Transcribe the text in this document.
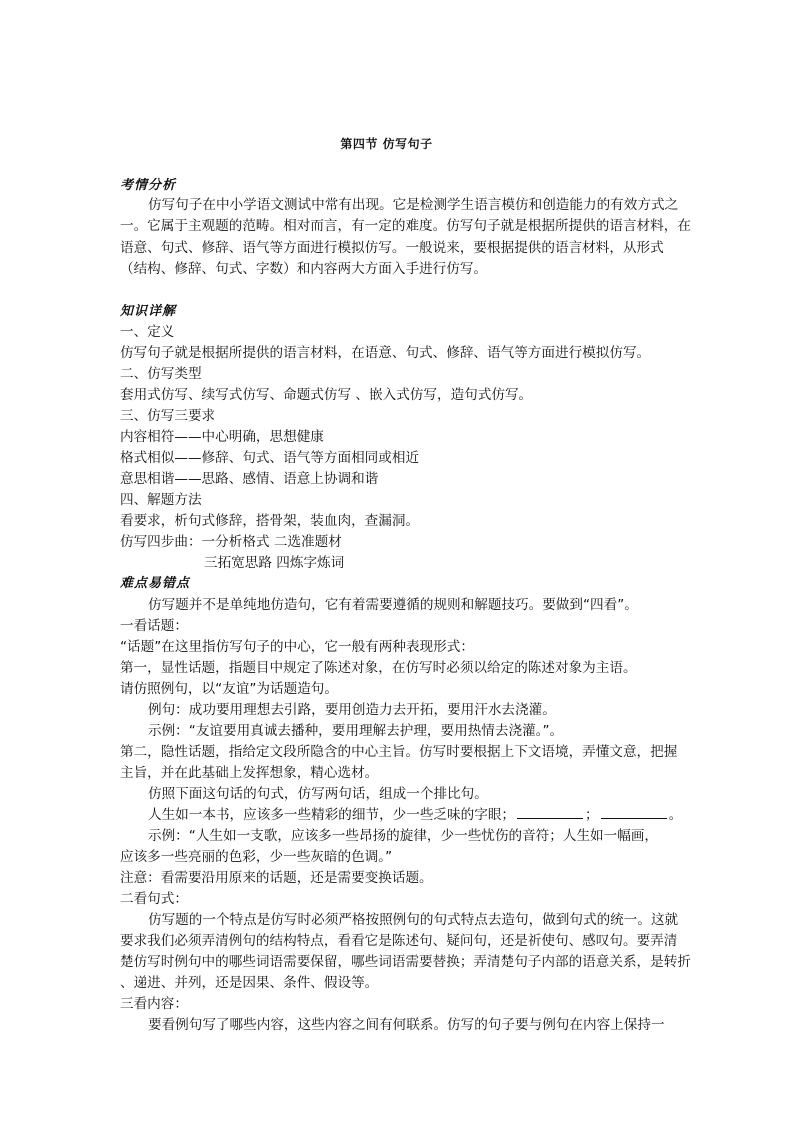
第四节 仿写句子
考情分析
仿写句子在中小学语文测试中常有出现。它是检测学生语言模仿和创造能力的有效方式之
一。它属于主观题的范畴。相对而言，有一定的难度。仿写句子就是根据所提供的语言材料，在
语意、句式、修辞、语气等方面进行模拟仿写。一般说来，要根据提供的语言材料，从形式
（结构、修辞、句式、字数）和内容两大方面入手进行仿写。
知识详解
一、定义
仿写句子就是根据所提供的语言材料，在语意、句式、修辞、语气等方面进行模拟仿写。
二、仿写类型
套用式仿写、续写式仿写、命题式仿写 、嵌入式仿写，造句式仿写。
三、仿写三要求
内容相符——中心明确，思想健康
格式相似——修辞、句式、语气等方面相同或相近
意思相谐——思路、感情、语意上协调和谐
四、解题方法
看要求，析句式修辞，搭骨架，装血肉，查漏洞。
仿写四步曲：一分析格式 二选准题材
三拓宽思路 四炼字炼词
难点易错点
仿写题并不是单纯地仿造句，它有着需要遵循的规则和解题技巧。要做到“四看”。
一看话题：
“话题”在这里指仿写句子的中心，它一般有两种表现形式：
第一，显性话题，指题目中规定了陈述对象，在仿写时必须以给定的陈述对象为主语。
请仿照例句，以“友谊”为话题造句。
例句：成功要用理想去引路，要用创造力去开拓，要用汗水去浇灌。
示例：“友谊要用真诚去播种，要用理解去护理，要用热情去浇灌。”。
第二，隐性话题，指给定文段所隐含的中心主旨。仿写时要根据上下文语境，弄懂文意，把握
主旨，并在此基础上发挥想象，精心选材。
仿照下面这句话的句式，仿写两句话，组成一个排比句。
人生如一本书，应该多一些精彩的细节，少一些乏味的字眼；	；	。
示例：“人生如一支歌，应该多一些昂扬的旋律，少一些忧伤的音符；人生如一幅画，
应该多一些亮丽的色彩，少一些灰暗的色调。”
注意：看需要沿用原来的话题，还是需要变换话题。
二看句式：
仿写题的一个特点是仿写时必须严格按照例句的句式特点去造句，做到句式的统一。这就
要求我们必须弄清例句的结构特点，看看它是陈述句、疑问句，还是祈使句、感叹句。要弄清
楚仿写时例句中的哪些词语需要保留，哪些词语需要替换；弄清楚句子内部的语意关系，是转折
、递进、并列，还是因果、条件、假设等。
三看内容：
要看例句写了哪些内容，这些内容之间有何联系。仿写的句子要与例句在内容上保持一
